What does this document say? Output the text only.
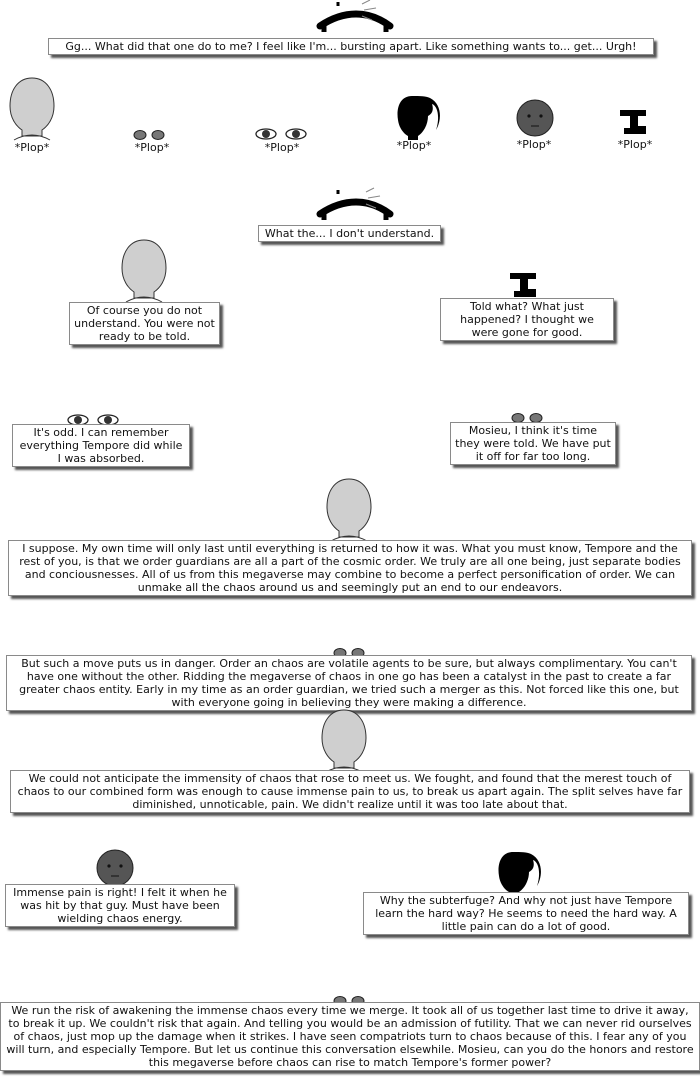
Gg... What did that one do to me? I feel like I'm... bursting apart. Like something wants to... get... Urgh!
*Plop*	*Plop*	*Plop*	*Plop*	*Plop*	*Plop*
What the... I don't understand.
Of course you do not understand. You were not ready to be told.
Told what? What just happened? I thought we were gone for good.
It's odd. I can remember everything Tempore did while I was absorbed.
Mosieu, I think it's time they were told. We have put it off for far too long.
I suppose. My own time will only last until everything is returned to how it was. What you must know, Tempore and the rest of you, is that we order guardians are all a part of the cosmic order. We truly are all one being, just separate bodies and conciousnesses. All of us from this megaverse may combine to become a perfect personification of order. We can unmake all the chaos around us and seemingly put an end to our endeavors.
But such a move puts us in danger. Order an chaos are volatile agents to be sure, but always complimentary. You can't have one without the other. Ridding the megaverse of chaos in one go has been a catalyst in the past to create a far greater chaos entity. Early in my time as an order guardian, we tried such a merger as this. Not forced like this one, but with everyone going in believing they were making a difference.
We could not anticipate the immensity of chaos that rose to meet us. We fought, and found that the merest touch of chaos to our combined form was enough to cause immense pain to us, to break us apart again. The split selves have far diminished, unnoticable, pain. We didn't realize until it was too late about that.
Immense pain is right! I felt it when he was hit by that guy. Must have been wielding chaos energy.
Why the subterfuge? And why not just have Tempore learn the hard way? He seems to need the hard way. A little pain can do a lot of good.
We run the risk of awakening the immense chaos every time we merge. It took all of us together last time to drive it away, to break it up. We couldn't risk that again. And telling you would be an admission of futility. That we can never rid ourselves of chaos, just mop up the damage when it strikes. I have seen compatriots turn to chaos because of this. I fear any of you will turn, and especially Tempore. But let us continue this conversation elsewhile. Mosieu, can you do the honors and restore this megaverse before chaos can rise to match Tempore's former power?
